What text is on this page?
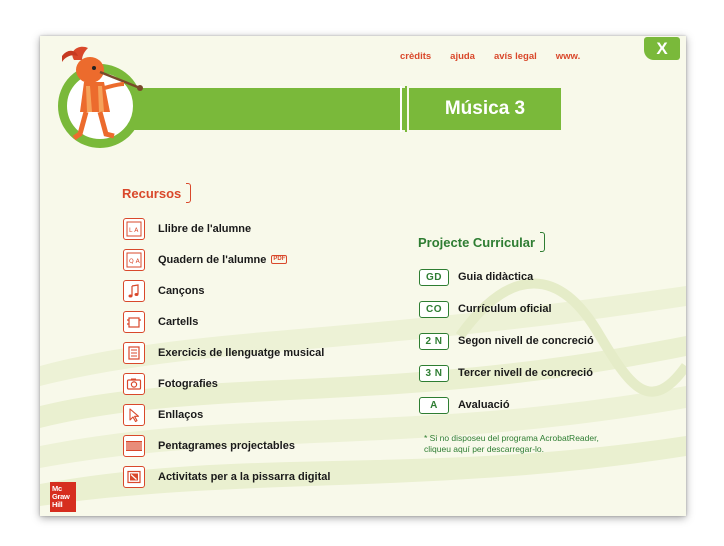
crèdits ajuda avís legal www.	X
Música 3
Recursos
L A Llibre de l'alumne
Q A Quadern de l'alumne PDF
Cançons
Cartells
Exercicis de llenguatge musical
Fotografies
Enllaços
Pentagrames projectables
Activitats per a la pissarra digital
Projecte Curricular
GD	Guia didàctica
CO	Currículum oficial
2 N	Segon nivell de concreció
3 N	Tercer nivell de concreció
A	Avaluació
* Si no disposeu del programa AcrobatReader,
cliqueu aquí per descarregar-lo.
Mc
Graw
Hill
